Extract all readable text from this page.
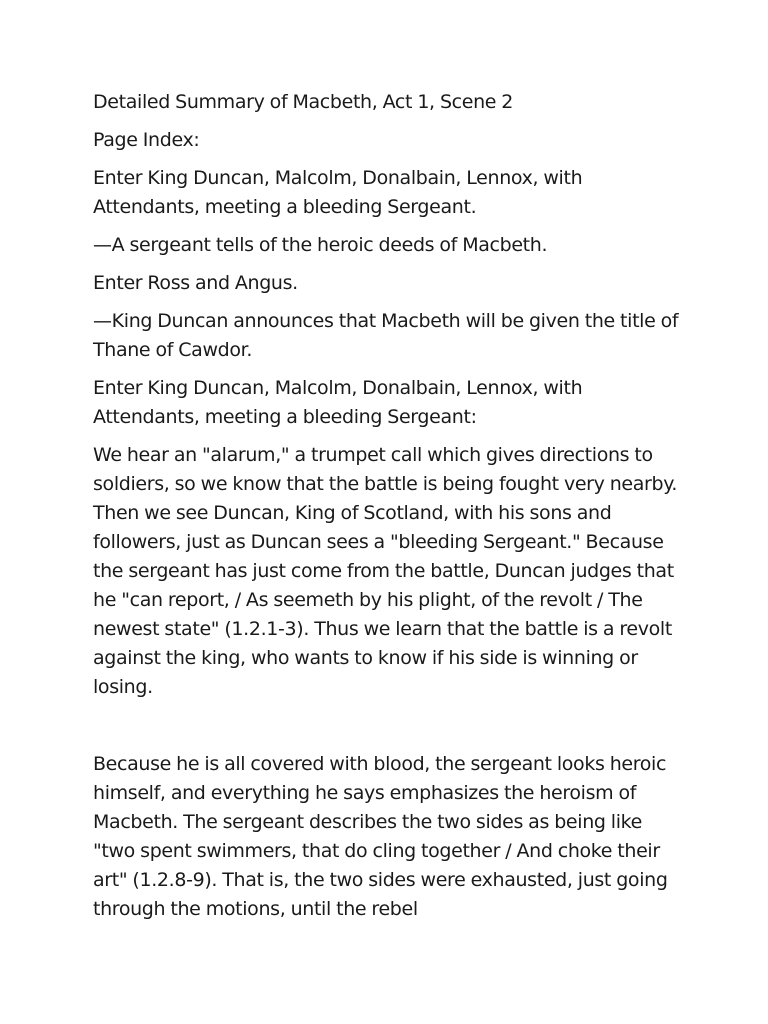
Detailed Summary of Macbeth, Act 1, Scene 2

Page Index:

Enter King Duncan, Malcolm, Donalbain, Lennox, with Attendants, meeting a bleeding Sergeant.

—A sergeant tells of the heroic deeds of Macbeth.

Enter Ross and Angus.

—King Duncan announces that Macbeth will be given the title of Thane of Cawdor.

Enter King Duncan, Malcolm, Donalbain, Lennox, with Attendants, meeting a bleeding Sergeant:

We hear an "alarum," a trumpet call which gives directions to soldiers, so we know that the battle is being fought very nearby. Then we see Duncan, King of Scotland, with his sons and followers, just as Duncan sees a "bleeding Sergeant." Because the sergeant has just come from the battle, Duncan judges that he "can report, / As seemeth by his plight, of the revolt / The newest state" (1.2.1-3). Thus we learn that the battle is a revolt against the king, who wants to know if his side is winning or losing.

Because he is all covered with blood, the sergeant looks heroic himself, and everything he says emphasizes the heroism of Macbeth. The sergeant describes the two sides as being like "two spent swimmers, that do cling together / And choke their art" (1.2.8-9). That is, the two sides were exhausted, just going through the motions, until the rebel
